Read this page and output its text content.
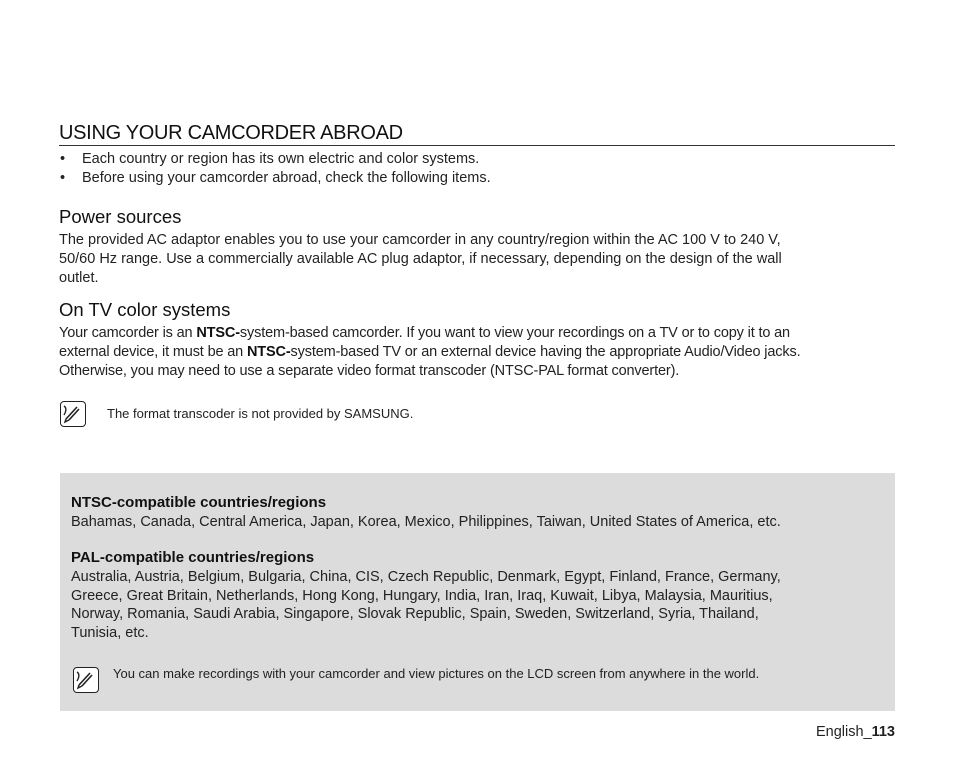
USING YOUR CAMCORDER ABROAD
• Each country or region has its own electric and color systems.
• Before using your camcorder abroad, check the following items.
Power sources
The provided AC adaptor enables you to use your camcorder in any country/region within the AC 100 V to 240 V,
50/60 Hz range. Use a commercially available AC plug adaptor, if necessary, depending on the design of the wall
outlet.
On TV color systems
Your camcorder is an NTSC-system-based camcorder. If you want to view your recordings on a TV or to copy it to an
external device, it must be an NTSC-system-based TV or an external device having the appropriate Audio/Video jacks.
Otherwise, you may need to use a separate video format transcoder (NTSC-PAL format converter).
The format transcoder is not provided by SAMSUNG.
NTSC-compatible countries/regions
Bahamas, Canada, Central America, Japan, Korea, Mexico, Philippines, Taiwan, United States of America, etc.
PAL-compatible countries/regions
Australia, Austria, Belgium, Bulgaria, China, CIS, Czech Republic, Denmark, Egypt, Finland, France, Germany,
Greece, Great Britain, Netherlands, Hong Kong, Hungary, India, Iran, Iraq, Kuwait, Libya, Malaysia, Mauritius,
Norway, Romania, Saudi Arabia, Singapore, Slovak Republic, Spain, Sweden, Switzerland, Syria, Thailand,
Tunisia, etc.
You can make recordings with your camcorder and view pictures on the LCD screen from anywhere in the world.
English_113
